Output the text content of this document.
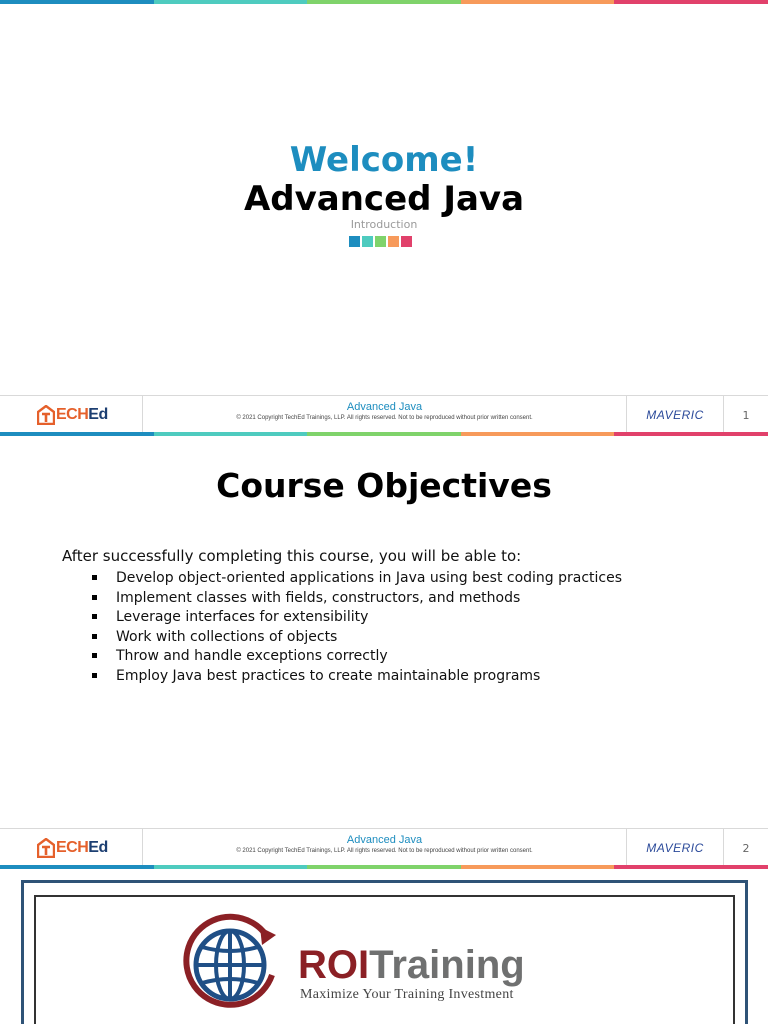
Welcome!
Advanced Java
Introduction
ECH Ed	Advanced Java
© 2021 Copyright TechEd Trainings, LLP. All rights reserved. Not to be reproduced without prior written consent.	MAVERIC	1
Course Objectives
After successfully completing this course, you will be able to:
Develop object-oriented applications in Java using best coding practices
Implement classes with fields, constructors, and methods
Leverage interfaces for extensibility
Work with collections of objects
Throw and handle exceptions correctly
Employ Java best practices to create maintainable programs
ECH Ed	Advanced Java
© 2021 Copyright TechEd Trainings, LLP. All rights reserved. Not to be reproduced without prior written consent.	MAVERIC	2
ROITraining
Maximize Your Training Investment
